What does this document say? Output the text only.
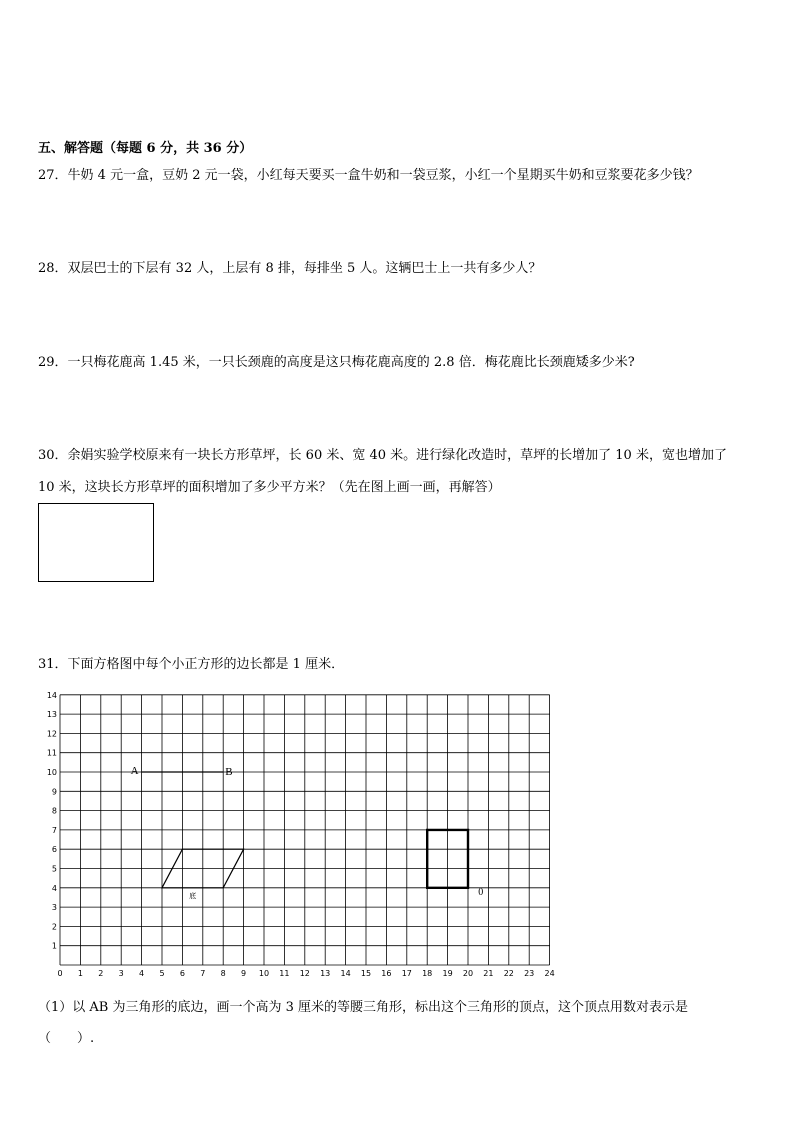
五、解答题（每题 6 分，共 36 分）
27．牛奶 4 元一盒，豆奶 2 元一袋，小红每天要买一盒牛奶和一袋豆浆，小红一个星期买牛奶和豆浆要花多少钱？
28．双层巴士的下层有 32 人，上层有 8 排，每排坐 5 人。这辆巴士上一共有多少人？
29．一只梅花鹿高 1.45 米，一只长颈鹿的高度是这只梅花鹿高度的 2.8 倍．梅花鹿比长颈鹿矮多少米?
30．余娟实验学校原来有一块长方形草坪，长 60 米、宽 40 米。进行绿化改造时，草坪的长增加了 10 米，宽也增加了
10 米，这块长方形草坪的面积增加了多少平方米？（先在图上画一画，再解答）
31．下面方格图中每个小正方形的边长都是 1 厘米．
0 1 2 3 4 5 6 7 8 9 10 11 12 13 14 15 16 17 18 19 20 21 22 23 24
1
2
3
4
5
6
7
8
9
10
11
12
13
14
A	B
底	0
（1）以 AB 为三角形的底边，画一个高为 3 厘米的等腰三角形，标出这个三角形的顶点，这个顶点用数对表示是
（　　）.
